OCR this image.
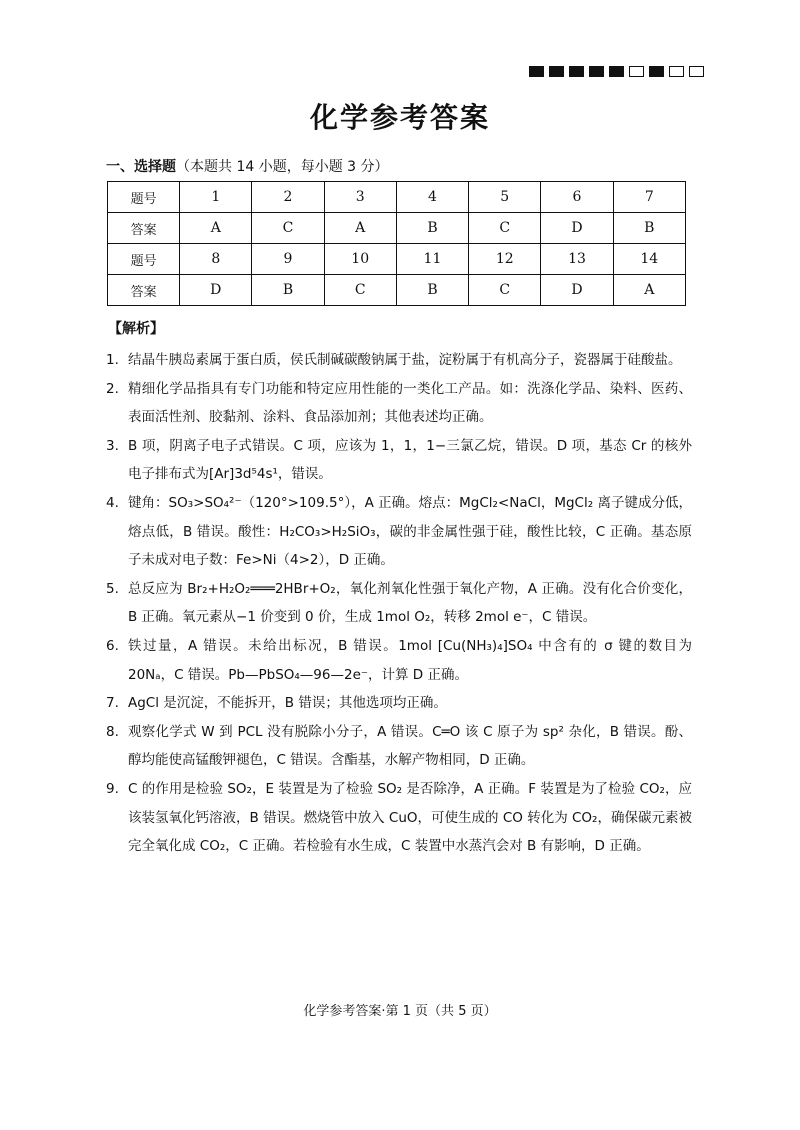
化学参考答案
一、选择题（本题共 14 小题，每小题 3 分）
题号	1	2	3	4	5	6	7
答案	A	C	A	B	C	D	B
题号	8	9	10	11	12	13	14
答案	D	B	C	B	C	D	A
【解析】
1. 结晶牛胰岛素属于蛋白质，侯氏制碱碳酸钠属于盐，淀粉属于有机高分子，瓷器属于硅酸盐。
2. 精细化学品指具有专门功能和特定应用性能的一类化工产品。如：洗涤化学品、染料、医药、表面活性剂、胶黏剂、涂料、食品添加剂；其他表述均正确。
3. B 项，阴离子电子式错误。C 项，应该为 1，1，1−三氯乙烷，错误。D 项，基态 Cr 的核外电子排布式为[Ar]3d⁵4s¹，错误。
4. 键角：SO₃>SO₄²⁻（120°>109.5°），A 正确。熔点：MgCl₂<NaCl，MgCl₂ 离子键成分低，熔点低，B 错误。酸性：H₂CO₃>H₂SiO₃，碳的非金属性强于硅，酸性比较，C 正确。基态原子未成对电子数：Fe>Ni（4>2），D 正确。
5. 总反应为 Br₂+H₂O₂═══2HBr+O₂，氧化剂氧化性强于氧化产物，A 正确。没有化合价变化，B 正确。氧元素从−1 价变到 0 价，生成 1mol O₂，转移 2mol e⁻，C 错误。
6. 铁过量，A 错误。未给出标况，B 错误。1mol [Cu(NH₃)₄]SO₄ 中含有的 σ 键的数目为 20Nₐ，C 错误。Pb—PbSO₄—96—2e⁻，计算 D 正确。
7. AgCl 是沉淀，不能拆开，B 错误；其他选项均正确。
8. 观察化学式 W 到 PCL 没有脱除小分子，A 错误。C═O 该 C 原子为 sp² 杂化，B 错误。酚、醇均能使高锰酸钾褪色，C 错误。含酯基，水解产物相同，D 正确。
9. C 的作用是检验 SO₂，E 装置是为了检验 SO₂ 是否除净，A 正确。F 装置是为了检验 CO₂，应该装氢氧化钙溶液，B 错误。燃烧管中放入 CuO，可使生成的 CO 转化为 CO₂，确保碳元素被完全氧化成 CO₂，C 正确。若检验有水生成，C 装置中水蒸汽会对 B 有影响，D 正确。
化学参考答案·第 1 页（共 5 页）
